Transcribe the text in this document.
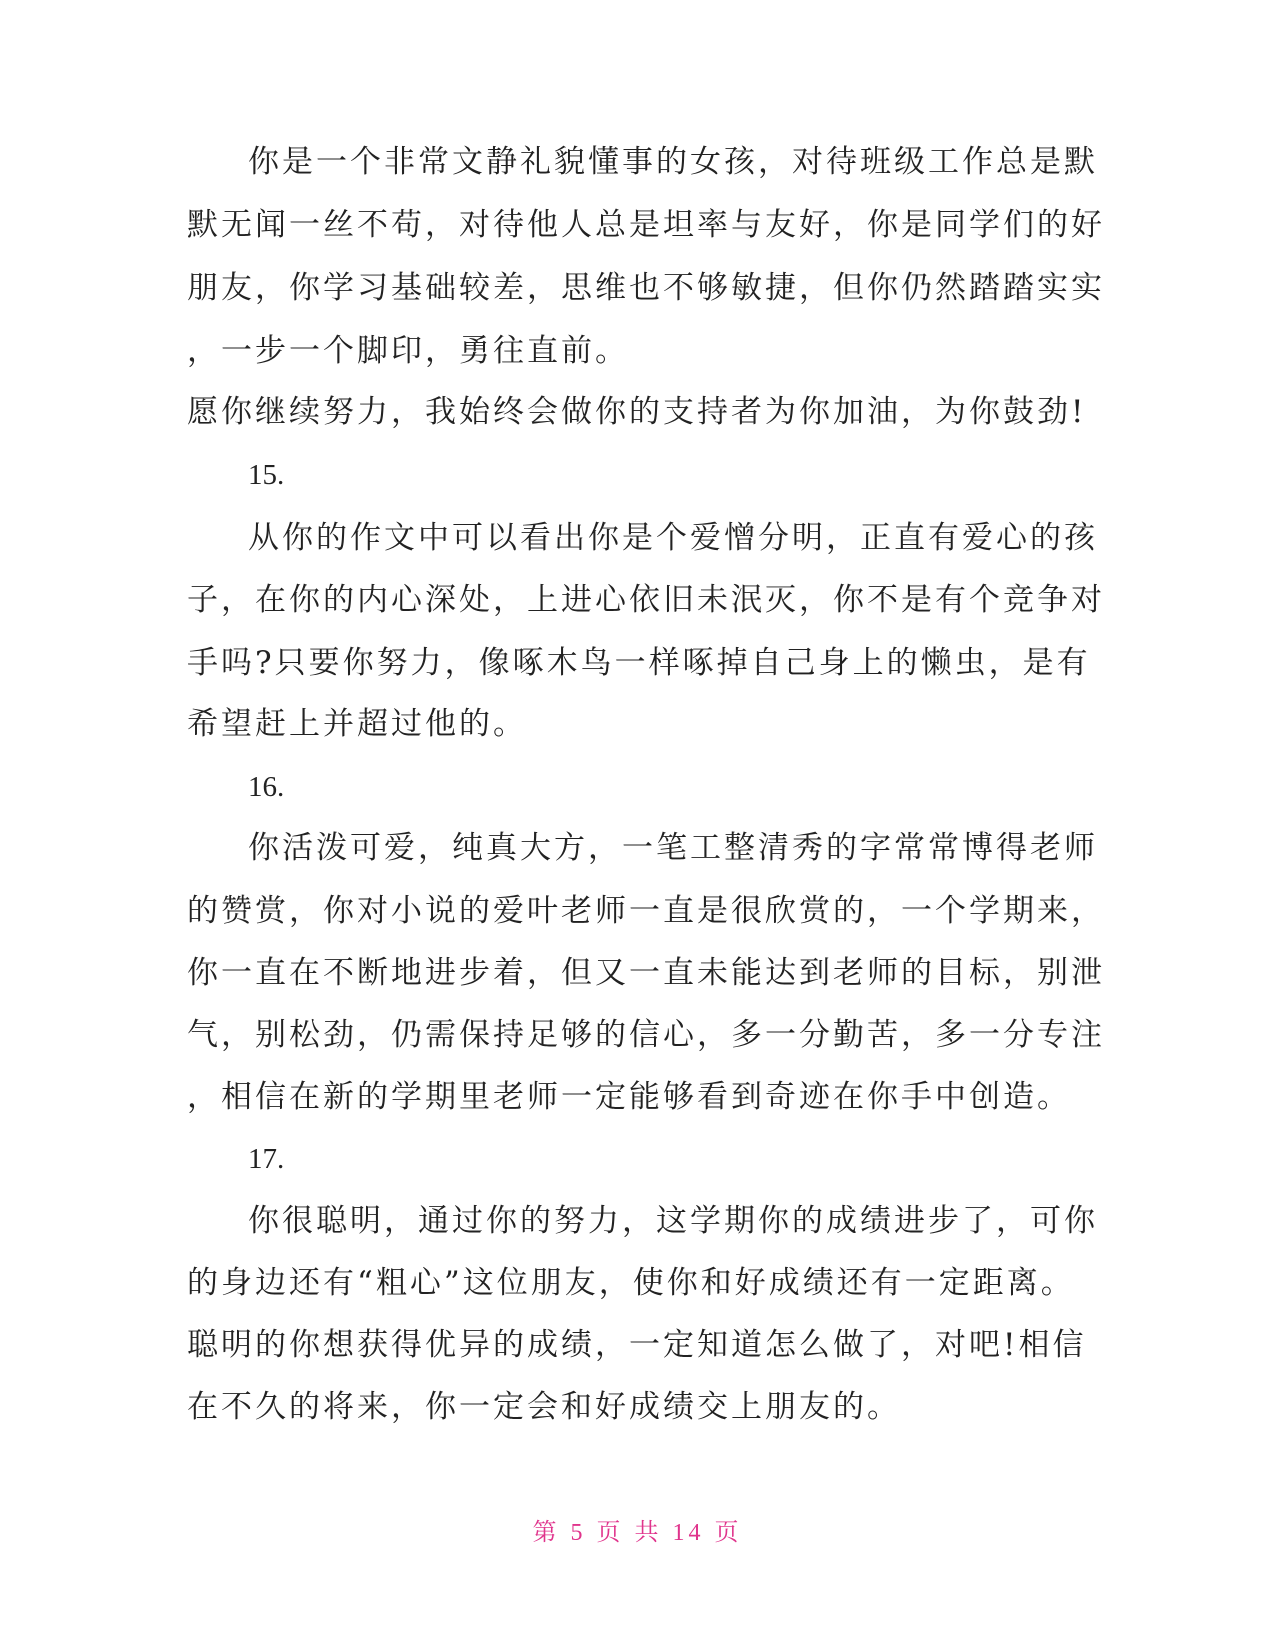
你是一个非常文静礼貌懂事的女孩，对待班级工作总是默
默无闻一丝不苟，对待他人总是坦率与友好，你是同学们的好
朋友，你学习基础较差，思维也不够敏捷，但你仍然踏踏实实
，一步一个脚印，勇往直前。
愿你继续努力，我始终会做你的支持者为你加油，为你鼓劲!
15.
从你的作文中可以看出你是个爱憎分明，正直有爱心的孩
子，在你的内心深处，上进心依旧未泯灭，你不是有个竞争对
手吗?只要你努力，像啄木鸟一样啄掉自己身上的懒虫，是有
希望赶上并超过他的。
16.
你活泼可爱，纯真大方，一笔工整清秀的字常常博得老师
的赞赏，你对小说的爱叶老师一直是很欣赏的，一个学期来，
你一直在不断地进步着，但又一直未能达到老师的目标，别泄
气，别松劲，仍需保持足够的信心，多一分勤苦，多一分专注
，相信在新的学期里老师一定能够看到奇迹在你手中创造。
17.
你很聪明，通过你的努力，这学期你的成绩进步了，可你
的身边还有“粗心”这位朋友，使你和好成绩还有一定距离。
聪明的你想获得优异的成绩，一定知道怎么做了，对吧!相信
在不久的将来，你一定会和好成绩交上朋友的。
第 5 页 共 14 页
